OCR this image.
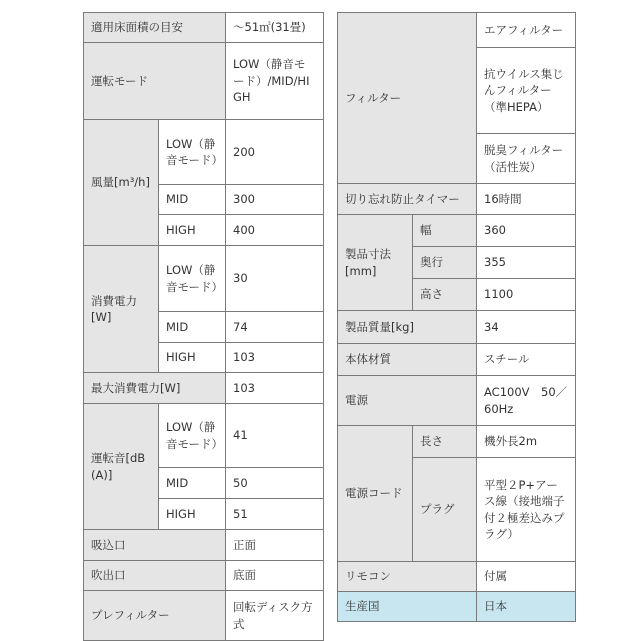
適用床面積の目安		～51㎡(31畳)
運転モード		LOW（静音モード）/MID/HIGH
風量[m³/h]	LOW（静音モード）	200
	MID	300
	HIGH	400
消費電力[W]	LOW（静音モード）	30
	MID	74
	HIGH	103
最大消費電力[W]		103
運転音[dB(A)]	LOW（静音モード）	41
	MID	50
	HIGH	51
吸込口		正面
吹出口		底面
プレフィルター		回転ディスク方式
フィルター		エアフィルター
		抗ウイルス集じんフィルター（準HEPA）
		脱臭フィルター（活性炭）
切り忘れ防止タイマー		16時間
製品寸法[mm]	幅	360
	奥行	355
	高さ	1100
製品質量[kg]		34
本体材質		スチール
電源		AC100V　50／60Hz
電源コード	長さ	機外長2m
	プラグ	平型２P+アース線（接地端子付２極差込みプラグ）
リモコン		付属
生産国		日本
